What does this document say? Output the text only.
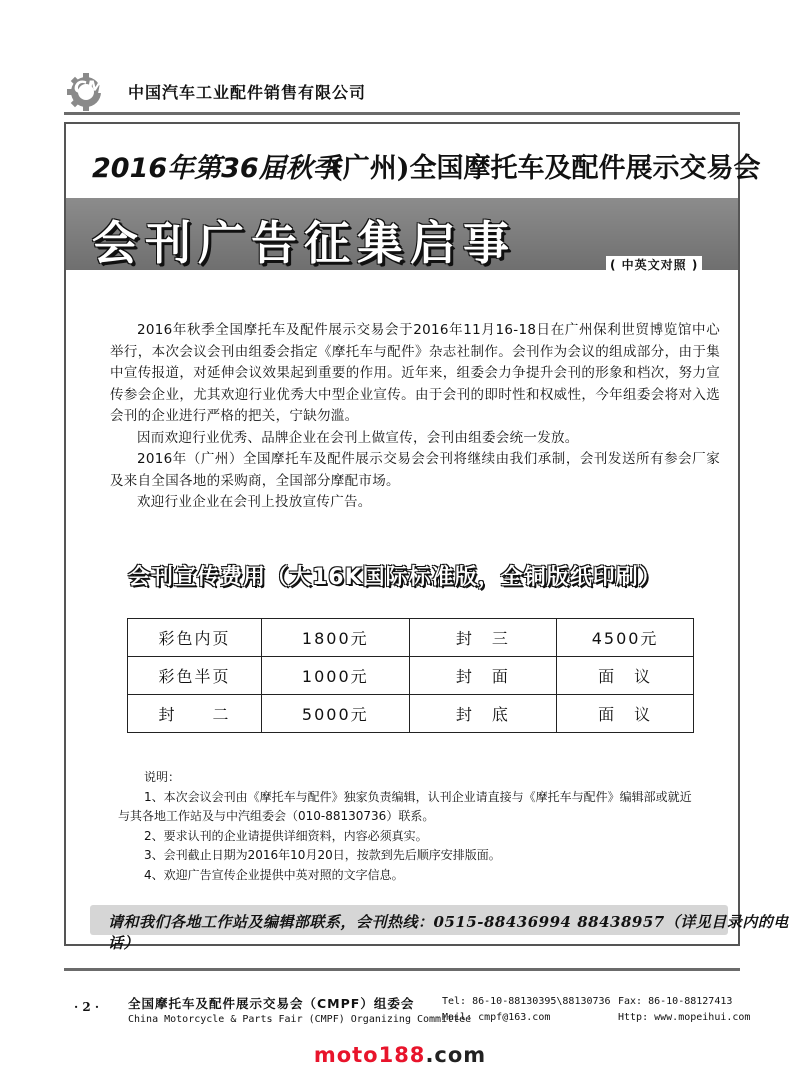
CMPF
中国汽车工业配件销售有限公司
2016年第36届秋季
(广州)全国摩托车及配件展示交易会
会刊广告征集启事	( 中英文对照 )

2016年秋季全国摩托车及配件展示交易会于2016年11月16-18日在广州保利世贸博览馆中心举行，本次会议会刊由组委会指定《摩托车与配件》杂志社制作。会刊作为会议的组成部分，由于集中宣传报道，对延伸会议效果起到重要的作用。近年来，组委会力争提升会刊的形象和档次，努力宣传参会企业，尤其欢迎行业优秀大中型企业宣传。由于会刊的即时性和权威性，今年组委会将对入选会刊的企业进行严格的把关，宁缺勿滥。

因而欢迎行业优秀、品牌企业在会刊上做宣传，会刊由组委会统一发放。

2016年（广州）全国摩托车及配件展示交易会会刊将继续由我们承制，会刊发送所有参会厂家及来自全国各地的采购商，全国部分摩配市场。

欢迎行业企业在会刊上投放宣传广告。

会刊宣传费用（大16K国际标准版，全铜版纸印刷）
彩色内页	1800元	封　三	4500元
彩色半页	1000元	封　面	面　议
封　　二	5000元	封　底	面　议
说明：
1、本次会议会刊由《摩托车与配件》独家负责编辑，认刊企业请直接与《摩托车与配件》编辑部或就近
与其各地工作站及与中汽组委会（010-88130736）联系。
2、要求认刊的企业请提供详细资料，内容必须真实。
3、会刊截止日期为2016年10月20日，按款到先后顺序安排版面。
4、欢迎广告宣传企业提供中英对照的文字信息。
请和我们各地工作站及编辑部联系，会刊热线：0515-88436994 88438957（详见目录内的电话）
· 2 · 全国摩托车及配件展示交易会（CMPF）组委会
China Motorcycle & Parts Fair (CMPF) Organizing Committee
Tel: 86-10-88130395\88130736
Mail: cmpf@163.com
Fax: 86-10-88127413
Http: www.mopeihui.com
moto188.com
